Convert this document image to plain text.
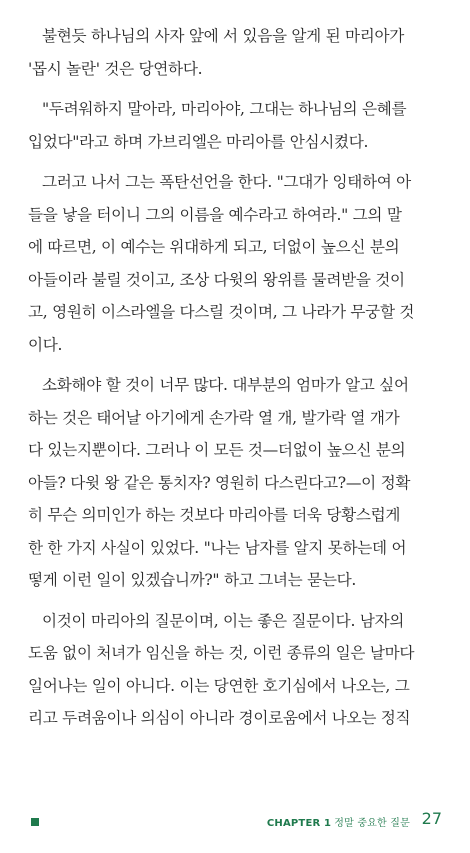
불현듯 하나님의 사자 앞에 서 있음을 알게 된 마리아가
'몹시 놀란' 것은 당연하다.
"두려워하지 말아라, 마리아야, 그대는 하나님의 은혜를
입었다"라고 하며 가브리엘은 마리아를 안심시켰다.
그러고 나서 그는 폭탄선언을 한다. "그대가 잉태하여 아
들을 낳을 터이니 그의 이름을 예수라고 하여라." 그의 말
에 따르면, 이 예수는 위대하게 되고, 더없이 높으신 분의
아들이라 불릴 것이고, 조상 다윗의 왕위를 물려받을 것이
고, 영원히 이스라엘을 다스릴 것이며, 그 나라가 무궁할 것
이다.
소화해야 할 것이 너무 많다. 대부분의 엄마가 알고 싶어
하는 것은 태어날 아기에게 손가락 열 개, 발가락 열 개가
다 있는지뿐이다. 그러나 이 모든 것—더없이 높으신 분의
아들? 다윗 왕 같은 통치자? 영원히 다스린다고?—이 정확
히 무슨 의미인가 하는 것보다 마리아를 더욱 당황스럽게
한 한 가지 사실이 있었다. "나는 남자를 알지 못하는데 어
떻게 이런 일이 있겠습니까?" 하고 그녀는 묻는다.
이것이 마리아의 질문이며, 이는 좋은 질문이다. 남자의
도움 없이 처녀가 임신을 하는 것, 이런 종류의 일은 날마다
일어나는 일이 아니다. 이는 당연한 호기심에서 나오는, 그
리고 두려움이나 의심이 아니라 경이로움에서 나오는 정직
CHAPTER 1 정말 중요한 질문 27
